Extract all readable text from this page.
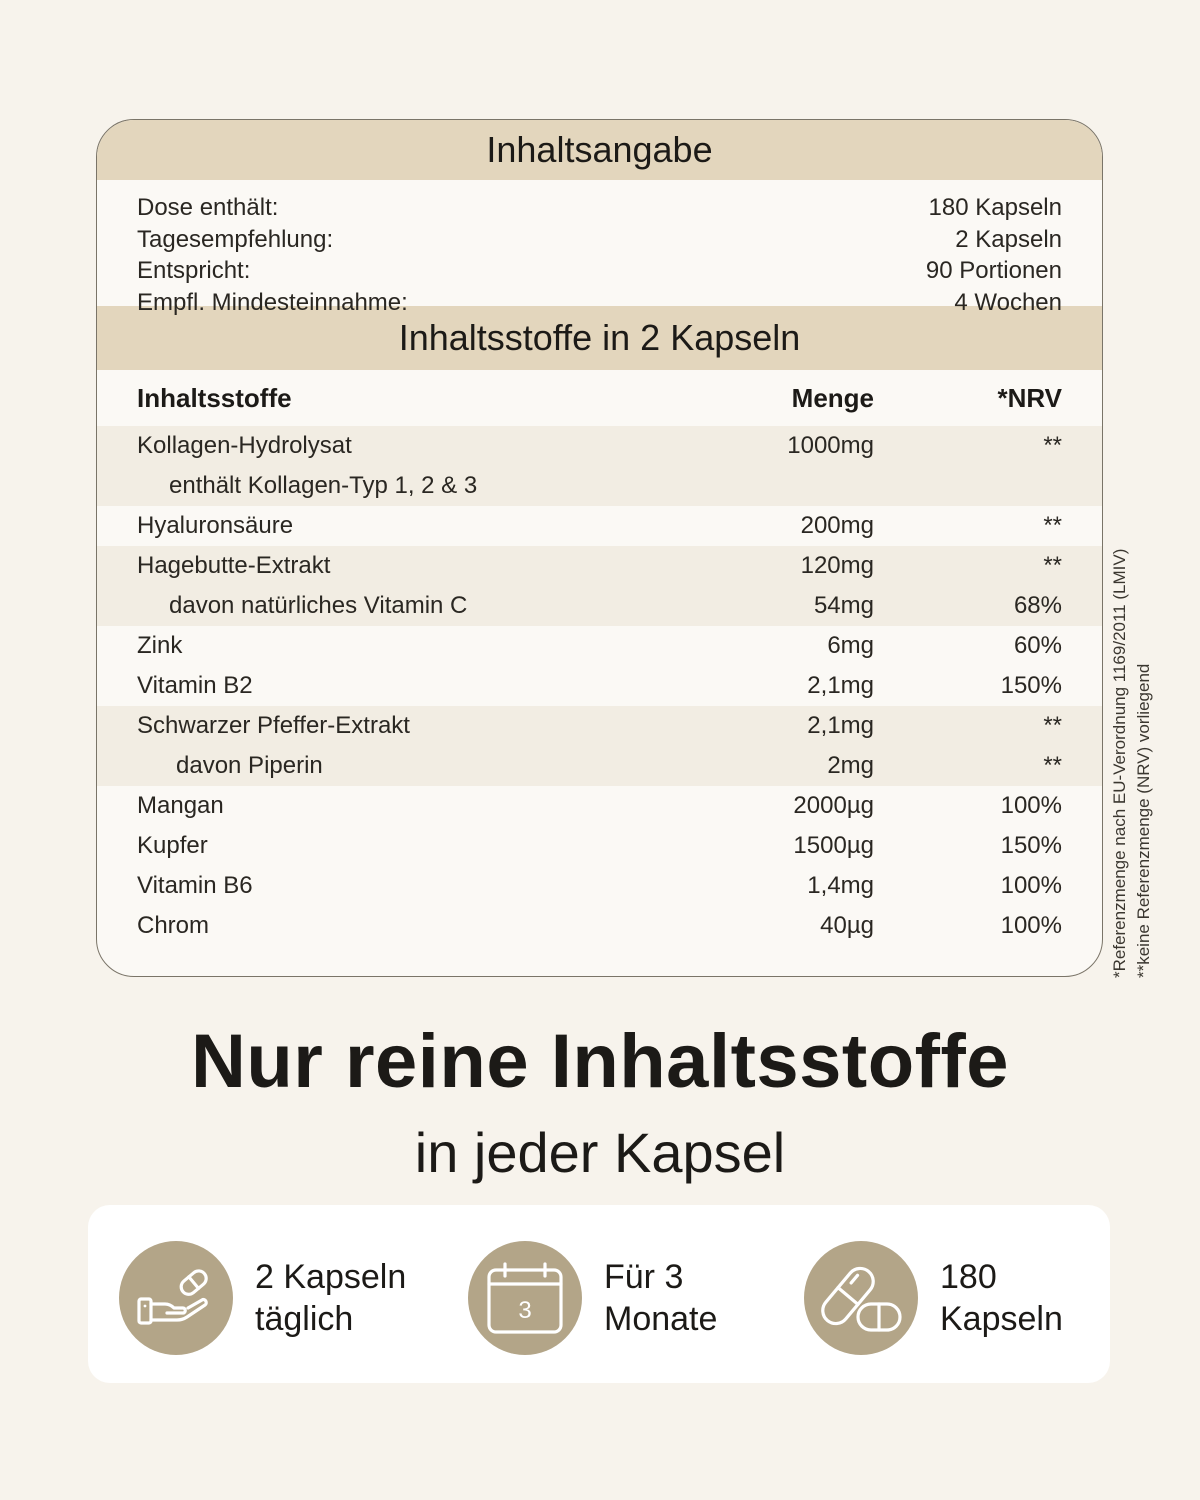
Inhaltsangabe
Dose enthält:	180 Kapseln
Tagesempfehlung:	2 Kapseln
Entspricht:	90 Portionen
Empfl. Mindesteinnahme:	4 Wochen
Inhaltsstoffe in 2 Kapseln
Inhaltsstoffe	Menge	*NRV
Kollagen-Hydrolysat	1000mg	**
enthält Kollagen-Typ 1, 2 & 3
Hyaluronsäure	200mg	**
Hagebutte-Extrakt	120mg	**
davon natürliches Vitamin C	54mg	68%
Zink	6mg	60%
Vitamin B2	2,1mg	150%
Schwarzer Pfeffer-Extrakt	2,1mg	**
davon Piperin	2mg	**
Mangan	2000µg	100%
Kupfer	1500µg	150%
Vitamin B6	1,4mg	100%
Chrom	40µg	100%	*Referenzmenge nach EU-Verordnung 1169/2011 (LMIV) **keine Referenzmenge (NRV) vorliegend
Nur reine Inhaltsstoffe
in jeder Kapsel
2 Kapseln
täglich	3
Für 3
Monate
180
Kapseln
